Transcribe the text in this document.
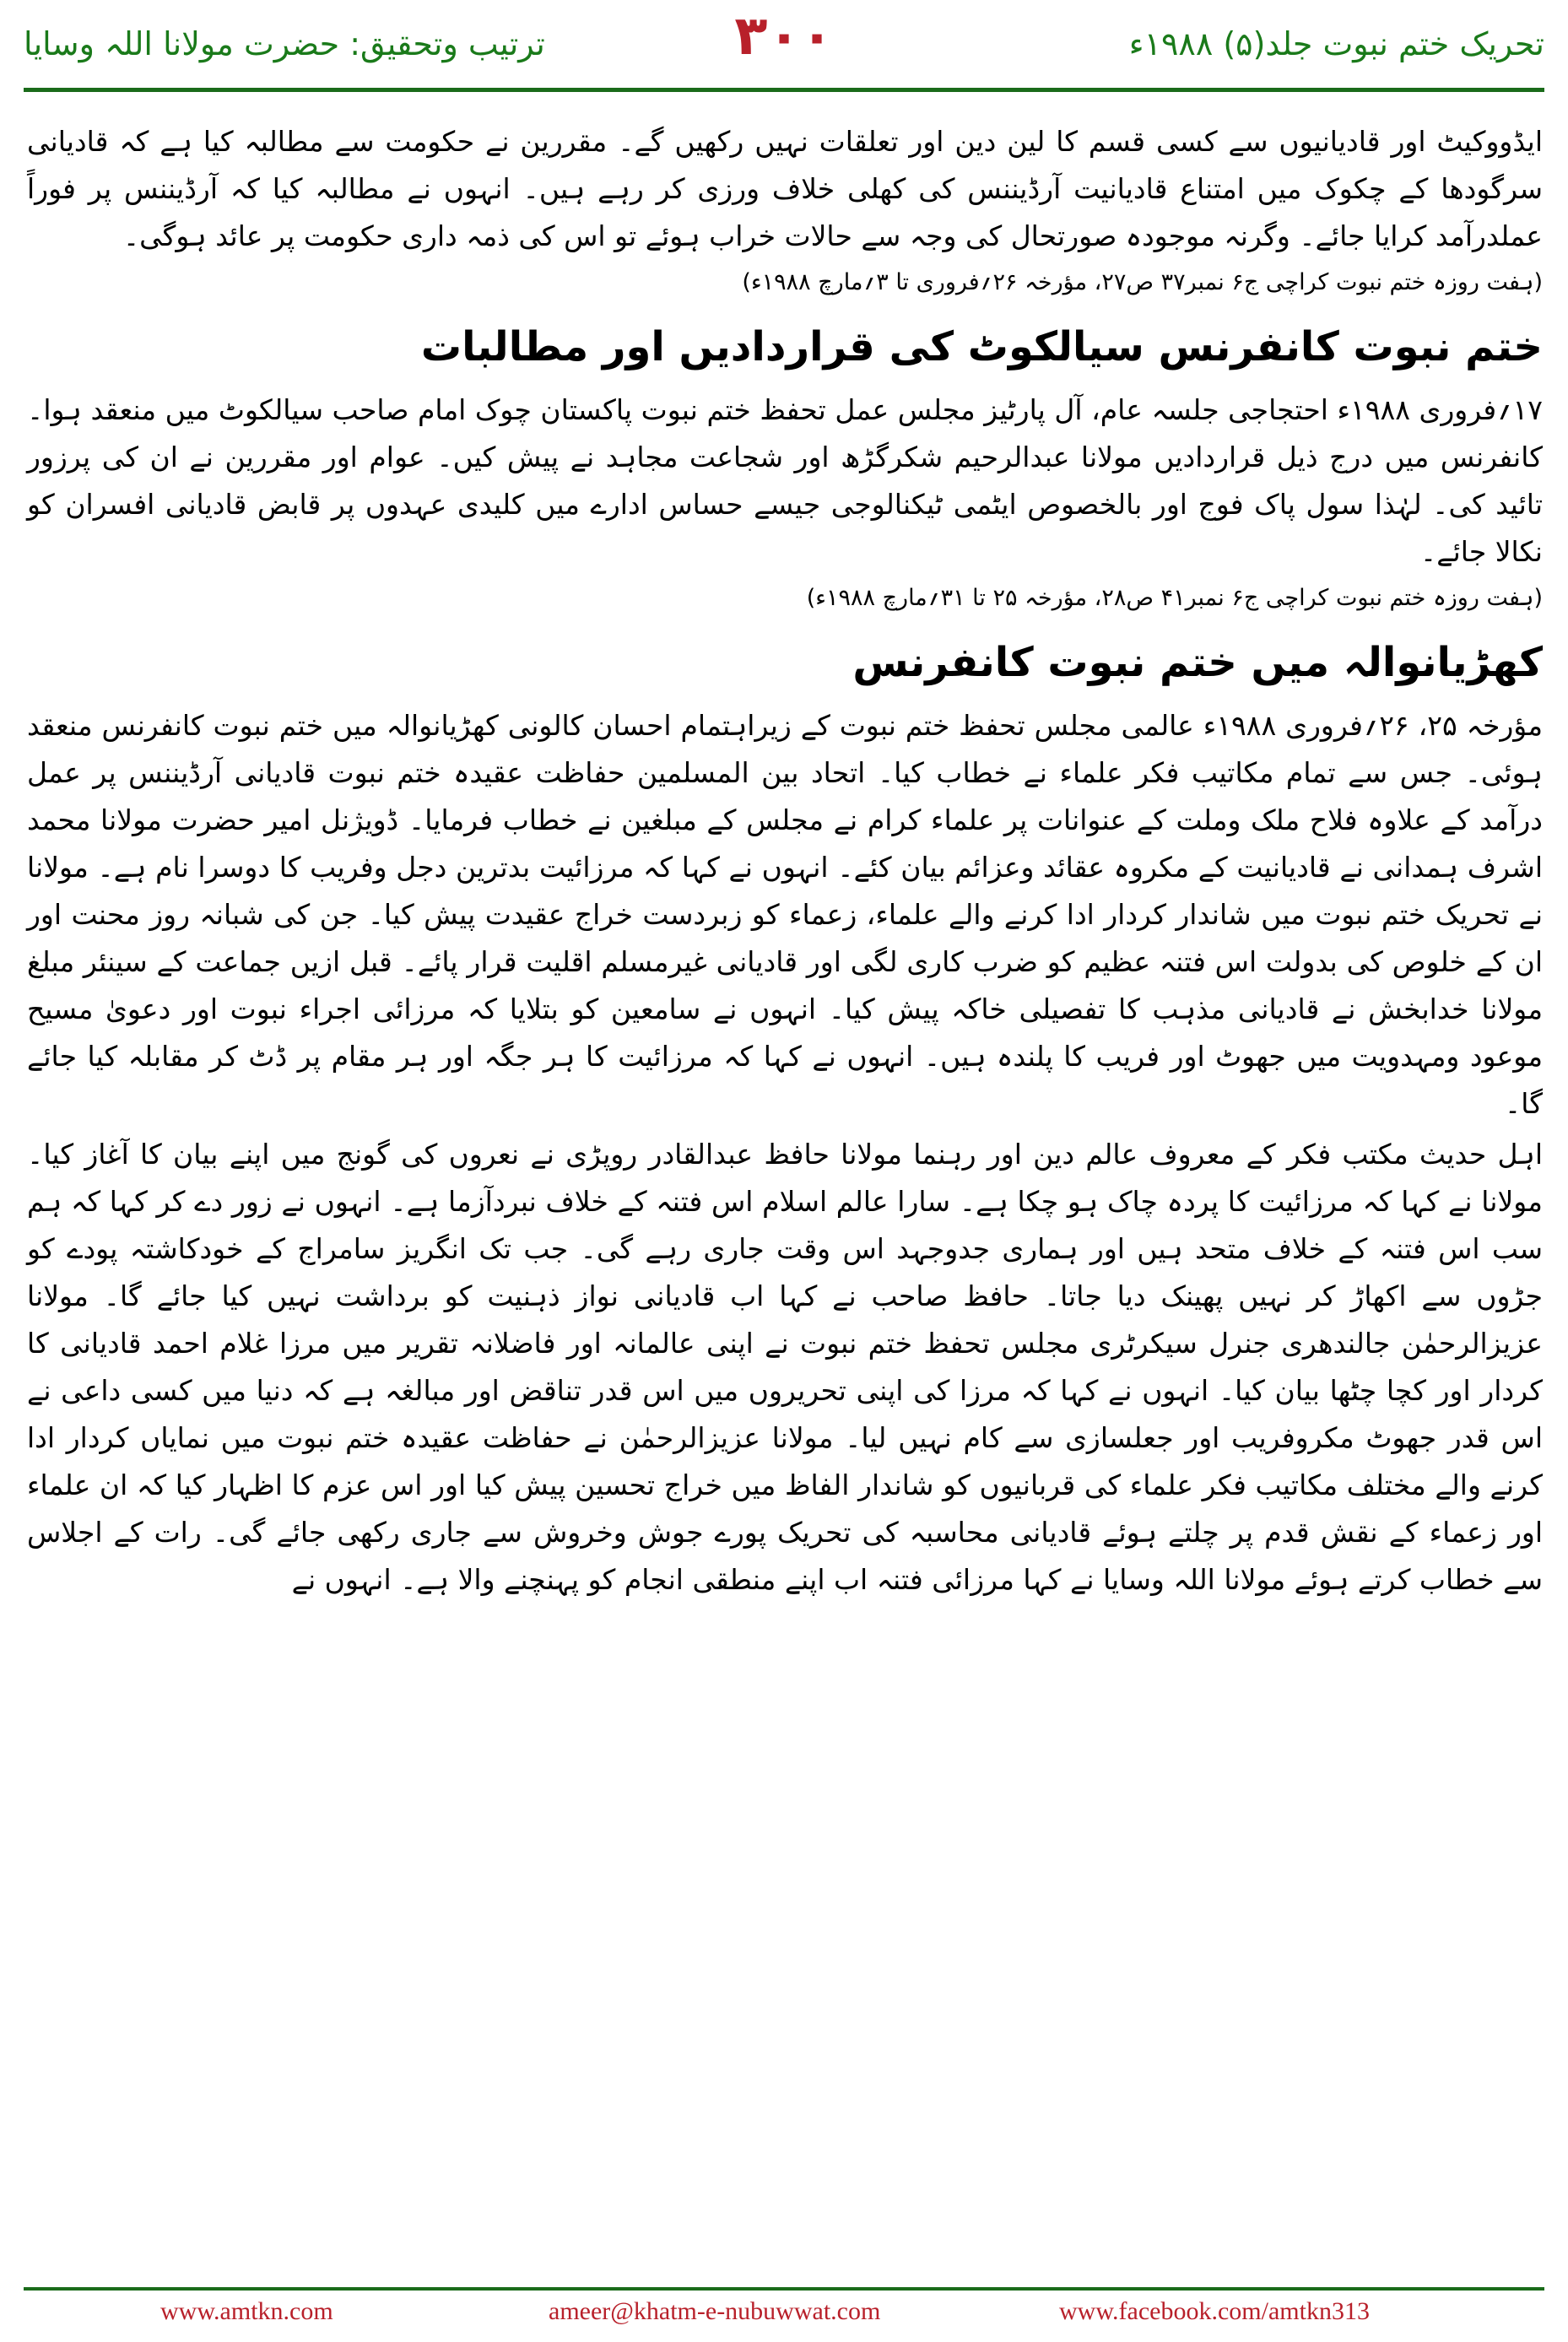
ترتیب وتحقیق: حضرت مولانا اللہ وسایا	۳۰۰	تحریک ختم نبوت جلد(۵) ۱۹۸۸ء

ایڈووکیٹ اور قادیانیوں سے کسی قسم کا لین دین اور تعلقات نہیں رکھیں گے۔ مقررین نے حکومت سے مطالبہ کیا ہے کہ قادیانی سرگودھا کے چکوک میں امتناع قادیانیت آرڈیننس کی کھلی خلاف ورزی کر رہے ہیں۔ انہوں نے مطالبہ کیا کہ آرڈیننس پر فوراً عملدرآمد کرایا جائے۔ وگرنہ موجودہ صورتحال کی وجہ سے حالات خراب ہوئے تو اس کی ذمہ داری حکومت پر عائد ہوگی۔

(ہفت روزہ ختم نبوت کراچی ج۶ نمبر۳۷ ص۲۷، مؤرخہ ۲۶؍فروری تا ۳؍مارچ ۱۹۸۸ء)

ختم نبوت کانفرنس سیالکوٹ کی قراردادیں اور مطالبات

۱۷؍فروری ۱۹۸۸ء احتجاجی جلسہ عام، آل پارٹیز مجلس عمل تحفظ ختم نبوت پاکستان چوک امام صاحب سیالکوٹ میں منعقد ہوا۔ کانفرنس میں درج ذیل قراردادیں مولانا عبدالرحیم شکرگڑھ اور شجاعت مجاہد نے پیش کیں۔ عوام اور مقررین نے ان کی پرزور تائید کی۔ لہٰذا سول پاک فوج اور بالخصوص ایٹمی ٹیکنالوجی جیسے حساس ادارے میں کلیدی عہدوں پر قابض قادیانی افسران کو نکالا جائے۔

(ہفت روزہ ختم نبوت کراچی ج۶ نمبر۴۱ ص۲۸، مؤرخہ ۲۵ تا ۳۱؍مارچ ۱۹۸۸ء)

کھڑیانوالہ میں ختم نبوت کانفرنس

مؤرخہ ۲۵، ۲۶؍فروری ۱۹۸۸ء عالمی مجلس تحفظ ختم نبوت کے زیراہتمام احسان کالونی کھڑیانوالہ میں ختم نبوت کانفرنس منعقد ہوئی۔ جس سے تمام مکاتیب فکر علماء نے خطاب کیا۔ اتحاد بین المسلمین حفاظت عقیدہ ختم نبوت قادیانی آرڈیننس پر عمل درآمد کے علاوہ فلاح ملک وملت کے عنوانات پر علماء کرام نے مجلس کے مبلغین نے خطاب فرمایا۔ ڈویژنل امیر حضرت مولانا محمد اشرف ہمدانی نے قادیانیت کے مکروہ عقائد وعزائم بیان کئے۔ انہوں نے کہا کہ مرزائیت بدترین دجل وفریب کا دوسرا نام ہے۔ مولانا نے تحریک ختم نبوت میں شاندار کردار ادا کرنے والے علماء، زعماء کو زبردست خراج عقیدت پیش کیا۔ جن کی شبانہ روز محنت اور ان کے خلوص کی بدولت اس فتنہ عظیم کو ضرب کاری لگی اور قادیانی غیرمسلم اقلیت قرار پائے۔ قبل ازیں جماعت کے سینئر مبلغ مولانا خدابخش نے قادیانی مذہب کا تفصیلی خاکہ پیش کیا۔ انہوں نے سامعین کو بتلایا کہ مرزائی اجراء نبوت اور دعویٰ مسیح موعود ومہدویت میں جھوٹ اور فریب کا پلندہ ہیں۔ انہوں نے کہا کہ مرزائیت کا ہر جگہ اور ہر مقام پر ڈٹ کر مقابلہ کیا جائے گا۔

اہل حدیث مکتب فکر کے معروف عالم دین اور رہنما مولانا حافظ عبدالقادر روپڑی نے نعروں کی گونج میں اپنے بیان کا آغاز کیا۔ مولانا نے کہا کہ مرزائیت کا پردہ چاک ہو چکا ہے۔ سارا عالم اسلام اس فتنہ کے خلاف نبردآزما ہے۔ انہوں نے زور دے کر کہا کہ ہم سب اس فتنہ کے خلاف متحد ہیں اور ہماری جدوجہد اس وقت جاری رہے گی۔ جب تک انگریز سامراج کے خودکاشتہ پودے کو جڑوں سے اکھاڑ کر نہیں پھینک دیا جاتا۔ حافظ صاحب نے کہا اب قادیانی نواز ذہنیت کو برداشت نہیں کیا جائے گا۔ مولانا عزیزالرحمٰن جالندھری جنرل سیکرٹری مجلس تحفظ ختم نبوت نے اپنی عالمانہ اور فاضلانہ تقریر میں مرزا غلام احمد قادیانی کا کردار اور کچا چٹھا بیان کیا۔ انہوں نے کہا کہ مرزا کی اپنی تحریروں میں اس قدر تناقض اور مبالغہ ہے کہ دنیا میں کسی داعی نے اس قدر جھوٹ مکروفریب اور جعلسازی سے کام نہیں لیا۔ مولانا عزیزالرحمٰن نے حفاظت عقیدہ ختم نبوت میں نمایاں کردار ادا کرنے والے مختلف مکاتیب فکر علماء کی قربانیوں کو شاندار الفاظ میں خراج تحسین پیش کیا اور اس عزم کا اظہار کیا کہ ان علماء اور زعماء کے نقش قدم پر چلتے ہوئے قادیانی محاسبہ کی تحریک پورے جوش وخروش سے جاری رکھی جائے گی۔ رات کے اجلاس سے خطاب کرتے ہوئے مولانا اللہ وسایا نے کہا مرزائی فتنہ اب اپنے منطقی انجام کو پہنچنے والا ہے۔ انہوں نے

www.amtkn.com	ameer@khatm-e-nubuwwat.com	www.facebook.com/amtkn313
